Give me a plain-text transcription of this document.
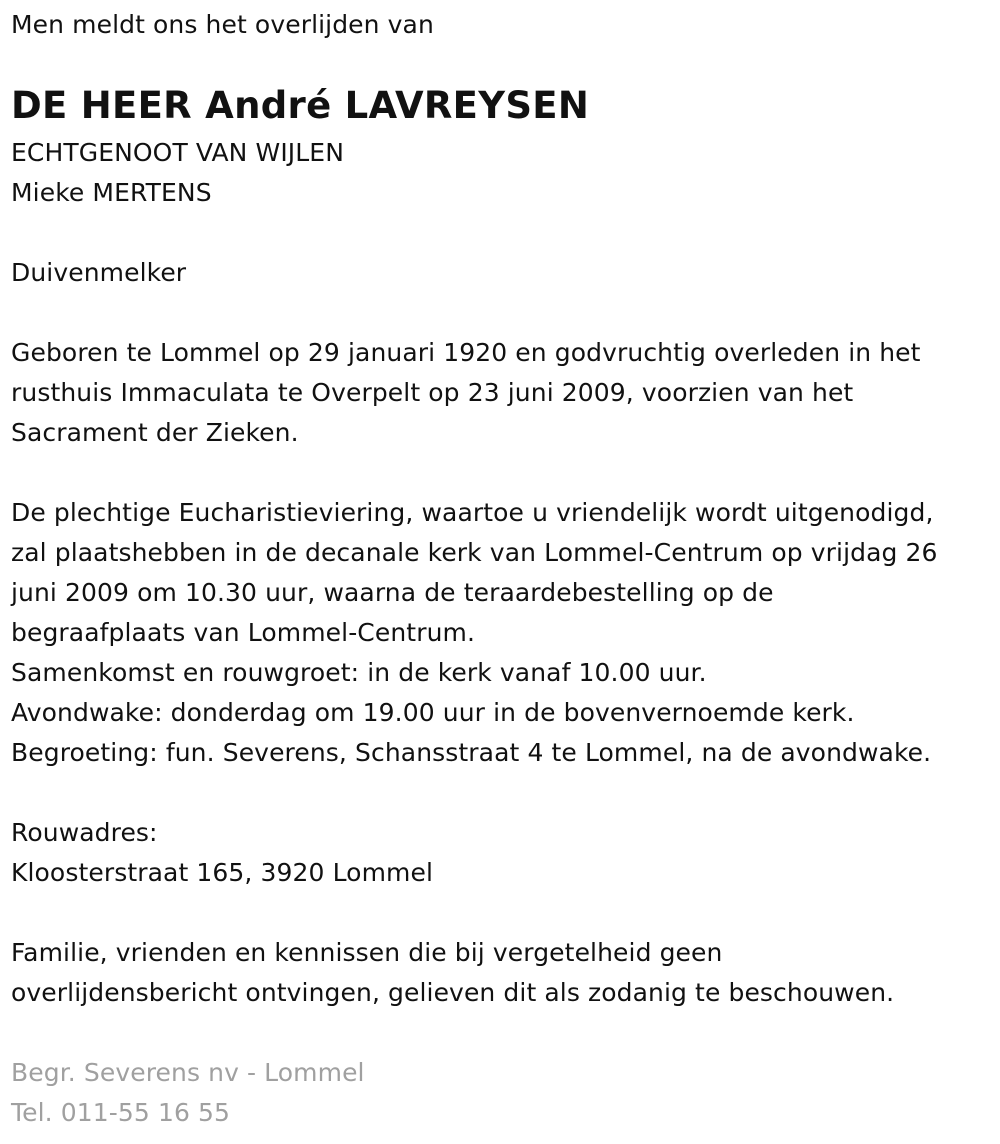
Men meldt ons het overlijden van
DE HEER André LAVREYSEN
ECHTGENOOT VAN WIJLEN
Mieke MERTENS
Duivenmelker
Geboren te Lommel op 29 januari 1920 en godvruchtig overleden in het
rusthuis Immaculata te Overpelt op 23 juni 2009, voorzien van het
Sacrament der Zieken.
De plechtige Eucharistieviering, waartoe u vriendelijk wordt uitgenodigd,
zal plaatshebben in de decanale kerk van Lommel-Centrum op vrijdag 26
juni 2009 om 10.30 uur, waarna de teraardebestelling op de
begraafplaats van Lommel-Centrum.
Samenkomst en rouwgroet: in de kerk vanaf 10.00 uur.
Avondwake: donderdag om 19.00 uur in de bovenvernoemde kerk.
Begroeting: fun. Severens, Schansstraat 4 te Lommel, na de avondwake.
Rouwadres:
Kloosterstraat 165, 3920 Lommel
Familie, vrienden en kennissen die bij vergetelheid geen
overlijdensbericht ontvingen, gelieven dit als zodanig te beschouwen.
Begr. Severens nv - Lommel
Tel. 011-55 16 55
